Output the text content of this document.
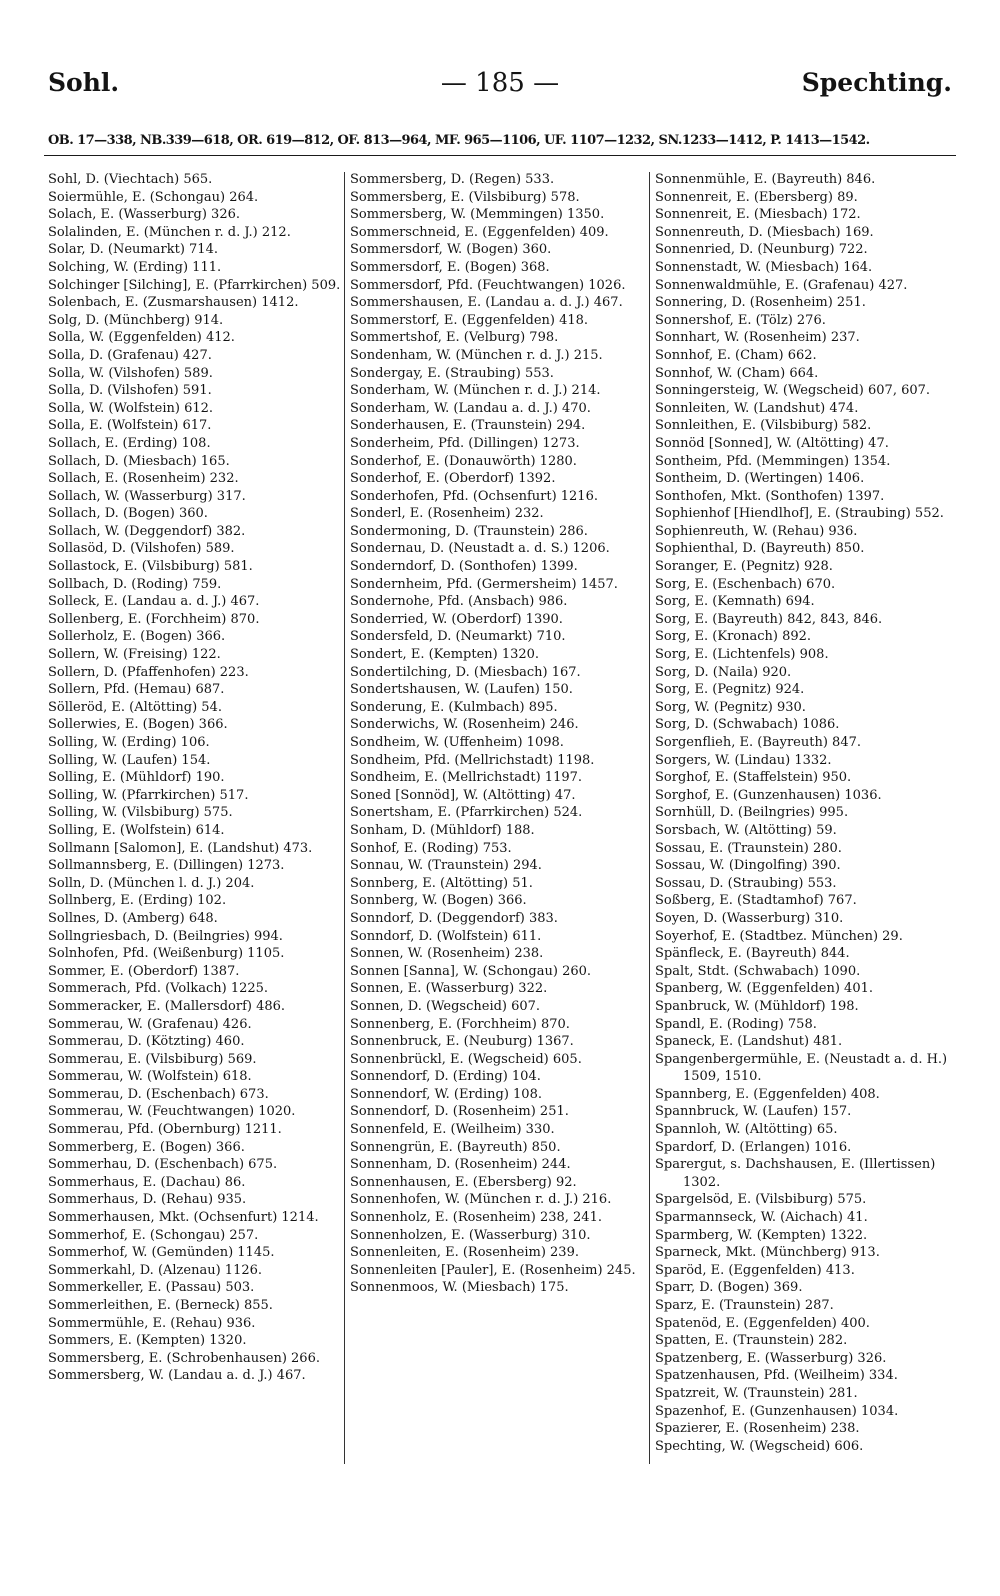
— 185 —
Sohl.	Spechting.
OB. 17—338, NB.339—618, OR. 619—812, OF. 813—964, MF. 965—1106, UF. 1107—1232, SN.1233—1412, P. 1413—1542.

Sohl, D. (Viechtach) 565.

Soiermühle, E. (Schongau) 264.

Solach, E. (Wasserburg) 326.

Solalinden, E. (München r. d. J.) 212.

Solar, D. (Neumarkt) 714.

Solching, W. (Erding) 111.

Solchinger [Silching], E. (Pfarrkirchen) 509.

Solenbach, E. (Zusmarshausen) 1412.

Solg, D. (Münchberg) 914.

Solla, W. (Eggenfelden) 412.

Solla, D. (Grafenau) 427.

Solla, W. (Vilshofen) 589.

Solla, D. (Vilshofen) 591.

Solla, W. (Wolfstein) 612.

Solla, E. (Wolfstein) 617.

Sollach, E. (Erding) 108.

Sollach, D. (Miesbach) 165.

Sollach, E. (Rosenheim) 232.

Sollach, W. (Wasserburg) 317.

Sollach, D. (Bogen) 360.

Sollach, W. (Deggendorf) 382.

Sollasöd, D. (Vilshofen) 589.

Sollastock, E. (Vilsbiburg) 581.

Sollbach, D. (Roding) 759.

Solleck, E. (Landau a. d. J.) 467.

Sollenberg, E. (Forchheim) 870.

Sollerholz, E. (Bogen) 366.

Sollern, W. (Freising) 122.

Sollern, D. (Pfaffenhofen) 223.

Sollern, Pfd. (Hemau) 687.

Sölleröd, E. (Altötting) 54.

Sollerwies, E. (Bogen) 366.

Solling, W. (Erding) 106.

Solling, W. (Laufen) 154.

Solling, E. (Mühldorf) 190.

Solling, W. (Pfarrkirchen) 517.

Solling, W. (Vilsbiburg) 575.

Solling, E. (Wolfstein) 614.

Sollmann [Salomon], E. (Landshut) 473.

Sollmannsberg, E. (Dillingen) 1273.

Solln, D. (München l. d. J.) 204.

Sollnberg, E. (Erding) 102.

Sollnes, D. (Amberg) 648.

Sollngriesbach, D. (Beilngries) 994.

Solnhofen, Pfd. (Weißenburg) 1105.

Sommer, E. (Oberdorf) 1387.

Sommerach, Pfd. (Volkach) 1225.

Sommeracker, E. (Mallersdorf) 486.

Sommerau, W. (Grafenau) 426.

Sommerau, D. (Kötzting) 460.

Sommerau, E. (Vilsbiburg) 569.

Sommerau, W. (Wolfstein) 618.

Sommerau, D. (Eschenbach) 673.

Sommerau, W. (Feuchtwangen) 1020.

Sommerau, Pfd. (Obernburg) 1211.

Sommerberg, E. (Bogen) 366.

Sommerhau, D. (Eschenbach) 675.

Sommerhaus, E. (Dachau) 86.

Sommerhaus, D. (Rehau) 935.

Sommerhausen, Mkt. (Ochsenfurt) 1214.

Sommerhof, E. (Schongau) 257.

Sommerhof, W. (Gemünden) 1145.

Sommerkahl, D. (Alzenau) 1126.

Sommerkeller, E. (Passau) 503.

Sommerleithen, E. (Berneck) 855.

Sommermühle, E. (Rehau) 936.

Sommers, E. (Kempten) 1320.

Sommersberg, E. (Schrobenhausen) 266.

Sommersberg, W. (Landau a. d. J.) 467.

Sommersberg, D. (Regen) 533.

Sommersberg, E. (Vilsbiburg) 578.

Sommersberg, W. (Memmingen) 1350.

Sommerschneid, E. (Eggenfelden) 409.

Sommersdorf, W. (Bogen) 360.

Sommersdorf, E. (Bogen) 368.

Sommersdorf, Pfd. (Feuchtwangen) 1026.

Sommershausen, E. (Landau a. d. J.) 467.

Sommerstorf, E. (Eggenfelden) 418.

Sommertshof, E. (Velburg) 798.

Sondenham, W. (München r. d. J.) 215.

Sondergay, E. (Straubing) 553.

Sonderham, W. (München r. d. J.) 214.

Sonderham, W. (Landau a. d. J.) 470.

Sonderhausen, E. (Traunstein) 294.

Sonderheim, Pfd. (Dillingen) 1273.

Sonderhof, E. (Donauwörth) 1280.

Sonderhof, E. (Oberdorf) 1392.

Sonderhofen, Pfd. (Ochsenfurt) 1216.

Sonderl, E. (Rosenheim) 232.

Sondermoning, D. (Traunstein) 286.

Sondernau, D. (Neustadt a. d. S.) 1206.

Sonderndorf, D. (Sonthofen) 1399.

Sondernheim, Pfd. (Germersheim) 1457.

Sondernohe, Pfd. (Ansbach) 986.

Sonderried, W. (Oberdorf) 1390.

Sondersfeld, D. (Neumarkt) 710.

Sondert, E. (Kempten) 1320.

Sondertilching, D. (Miesbach) 167.

Sondertshausen, W. (Laufen) 150.

Sonderung, E. (Kulmbach) 895.

Sonderwichs, W. (Rosenheim) 246.

Sondheim, W. (Uffenheim) 1098.

Sondheim, Pfd. (Mellrichstadt) 1198.

Sondheim, E. (Mellrichstadt) 1197.

Soned [Sonnöd], W. (Altötting) 47.

Sonertsham, E. (Pfarrkirchen) 524.

Sonham, D. (Mühldorf) 188.

Sonhof, E. (Roding) 753.

Sonnau, W. (Traunstein) 294.

Sonnberg, E. (Altötting) 51.

Sonnberg, W. (Bogen) 366.

Sonndorf, D. (Deggendorf) 383.

Sonndorf, D. (Wolfstein) 611.

Sonnen, W. (Rosenheim) 238.

Sonnen [Sanna], W. (Schongau) 260.

Sonnen, E. (Wasserburg) 322.

Sonnen, D. (Wegscheid) 607.

Sonnenberg, E. (Forchheim) 870.

Sonnenbruck, E. (Neuburg) 1367.

Sonnenbrückl, E. (Wegscheid) 605.

Sonnendorf, D. (Erding) 104.

Sonnendorf, W. (Erding) 108.

Sonnendorf, D. (Rosenheim) 251.

Sonnenfeld, E. (Weilheim) 330.

Sonnengrün, E. (Bayreuth) 850.

Sonnenham, D. (Rosenheim) 244.

Sonnenhausen, E. (Ebersberg) 92.

Sonnenhofen, W. (München r. d. J.) 216.

Sonnenholz, E. (Rosenheim) 238, 241.

Sonnenholzen, E. (Wasserburg) 310.

Sonnenleiten, E. (Rosenheim) 239.

Sonnenleiten [Pauler], E. (Rosenheim) 245.

Sonnenmoos, W. (Miesbach) 175.

Sonnenmühle, E. (Bayreuth) 846.

Sonnenreit, E. (Ebersberg) 89.

Sonnenreit, E. (Miesbach) 172.

Sonnenreuth, D. (Miesbach) 169.

Sonnenried, D. (Neunburg) 722.

Sonnenstadt, W. (Miesbach) 164.

Sonnenwaldmühle, E. (Grafenau) 427.

Sonnering, D. (Rosenheim) 251.

Sonnershof, E. (Tölz) 276.

Sonnhart, W. (Rosenheim) 237.

Sonnhof, E. (Cham) 662.

Sonnhof, W. (Cham) 664.

Sonningersteig, W. (Wegscheid) 607, 607.

Sonnleiten, W. (Landshut) 474.

Sonnleithen, E. (Vilsbiburg) 582.

Sonnöd [Sonned], W. (Altötting) 47.

Sontheim, Pfd. (Memmingen) 1354.

Sontheim, D. (Wertingen) 1406.

Sonthofen, Mkt. (Sonthofen) 1397.

Sophienhof [Hiendlhof], E. (Straubing) 552.

Sophienreuth, W. (Rehau) 936.

Sophienthal, D. (Bayreuth) 850.

Soranger, E. (Pegnitz) 928.

Sorg, E. (Eschenbach) 670.

Sorg, E. (Kemnath) 694.

Sorg, E. (Bayreuth) 842, 843, 846.

Sorg, E. (Kronach) 892.

Sorg, E. (Lichtenfels) 908.

Sorg, D. (Naila) 920.

Sorg, E. (Pegnitz) 924.

Sorg, W. (Pegnitz) 930.

Sorg, D. (Schwabach) 1086.

Sorgenflieh, E. (Bayreuth) 847.

Sorgers, W. (Lindau) 1332.

Sorghof, E. (Staffelstein) 950.

Sorghof, E. (Gunzenhausen) 1036.

Sornhüll, D. (Beilngries) 995.

Sorsbach, W. (Altötting) 59.

Sossau, E. (Traunstein) 280.

Sossau, W. (Dingolfing) 390.

Sossau, D. (Straubing) 553.

Soßberg, E. (Stadtamhof) 767.

Soyen, D. (Wasserburg) 310.

Soyerhof, E. (Stadtbez. München) 29.

Spänfleck, E. (Bayreuth) 844.

Spalt, Stdt. (Schwabach) 1090.

Spanberg, W. (Eggenfelden) 401.

Spanbruck, W. (Mühldorf) 198.

Spandl, E. (Roding) 758.

Spaneck, E. (Landshut) 481.

Spangenbergermühle, E. (Neustadt a. d. H.) 1509, 1510.

Spannberg, E. (Eggenfelden) 408.

Spannbruck, W. (Laufen) 157.

Spannloh, W. (Altötting) 65.

Spardorf, D. (Erlangen) 1016.

Sparergut, s. Dachshausen, E. (Illertissen) 1302.

Spargelsöd, E. (Vilsbiburg) 575.

Sparmannseck, W. (Aichach) 41.

Sparmberg, W. (Kempten) 1322.

Sparneck, Mkt. (Münchberg) 913.

Sparöd, E. (Eggenfelden) 413.

Sparr, D. (Bogen) 369.

Sparz, E. (Traunstein) 287.

Spatenöd, E. (Eggenfelden) 400.

Spatten, E. (Traunstein) 282.

Spatzenberg, E. (Wasserburg) 326.

Spatzenhausen, Pfd. (Weilheim) 334.

Spatzreit, W. (Traunstein) 281.

Spazenhof, E. (Gunzenhausen) 1034.

Spazierer, E. (Rosenheim) 238.

Spechting, W. (Wegscheid) 606.
